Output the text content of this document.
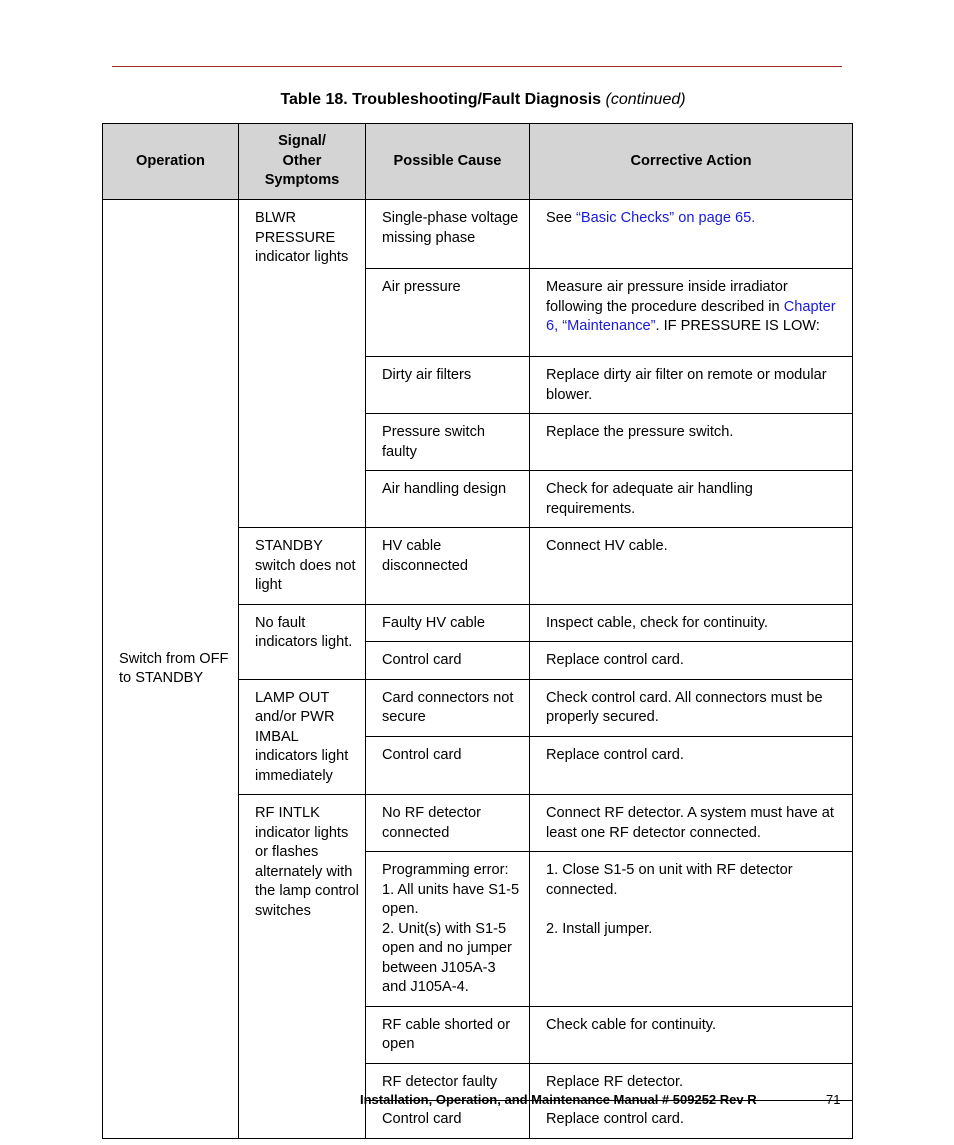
Table 18. Troubleshooting/Fault Diagnosis (continued)
Operation	Signal/
Other
Symptoms	Possible Cause	Corrective Action
Switch from OFF to STANDBY	BLWR PRESSURE indicator lights	Single-phase voltage missing phase	See “Basic Checks” on page 65.
		Air pressure	Measure air pressure inside irradiator following the procedure described in Chapter 6, “Maintenance”. IF PRESSURE IS LOW:
		Dirty air filters	Replace dirty air filter on remote or modular blower.
		Pressure switch faulty	Replace the pressure switch.
		Air handling design	Check for adequate air handling requirements.
	STANDBY switch does not light	HV cable disconnected	Connect HV cable.
	No fault indicators light.	Faulty HV cable	Inspect cable, check for continuity.
		Control card	Replace control card.
	LAMP OUT and/or PWR IMBAL indicators light immediately	Card connectors not secure	Check control card. All connectors must be properly secured.
		Control card	Replace control card.
	RF INTLK indicator lights or flashes alternately with the lamp control switches	No RF detector connected	Connect RF detector. A system must have at least one RF detector connected.
		Programming error:
1. All units have S1-5 open.
2. Unit(s) with S1-5 open and no jumper between J105A-3 and J105A-4.	1. Close S1-5 on unit with RF detector connected.

2. Install jumper.
		RF cable shorted or open	Check cable for continuity.
		RF detector faulty	Replace RF detector.
		Control card	Replace control card.
Installation, Operation, and Maintenance Manual # 509252 Rev R	71
